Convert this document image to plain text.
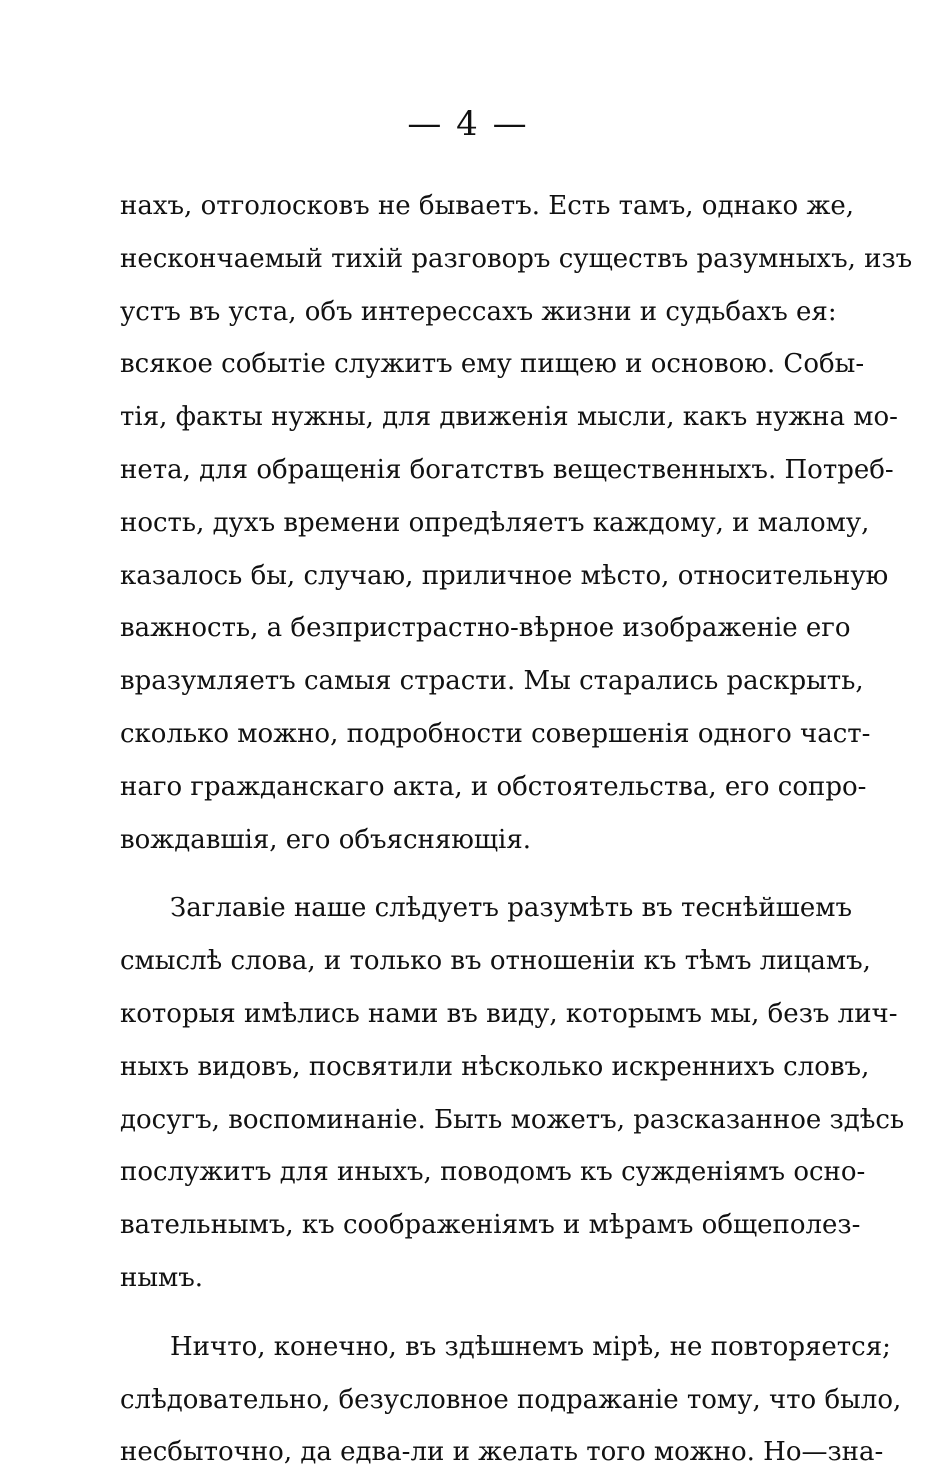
— 4 —
нахъ, отголосковъ не бываетъ. Есть тамъ, однако же,
нескончаемый тихій разговоръ существъ разумныхъ, изъ
устъ въ уста, объ интерессахъ жизни и судьбахъ ея:
всякое событіе служитъ ему пищею и основою. Собы-
тія, факты нужны, для движенія мысли, какъ нужна мо-
нета, для обращенія богатствъ вещественныхъ. Потреб-
ность, духъ времени опредѣляетъ каждому, и малому,
казалось бы, случаю, приличное мѣсто, относительную
важность, а безпристрастно-вѣрное изображеніе его
вразумляетъ самыя страсти. Мы старались раскрыть,
сколько можно, подробности совершенія одного част-
наго гражданскаго акта, и обстоятельства, его сопро-
вождавшія, его объясняющія.
Заглавіе наше слѣдуетъ разумѣть въ теснѣйшемъ
смыслѣ слова, и только въ отношеніи къ тѣмъ лицамъ,
которыя имѣлись нами въ виду, которымъ мы, безъ лич-
ныхъ видовъ, посвятили нѣсколько искреннихъ словъ,
досугъ, воспоминаніе. Быть можетъ, разсказанное здѣсь
послужитъ для иныхъ, поводомъ къ сужденіямъ осно-
вательнымъ, къ соображеніямъ и мѣрамъ общеполез-
нымъ.
Ничто, конечно, въ здѣшнемъ мірѣ, не повторяется;
слѣдовательно, безусловное подражаніе тому, что было,
несбыточно, да едва-ли и желать того можно. Но—зна-
